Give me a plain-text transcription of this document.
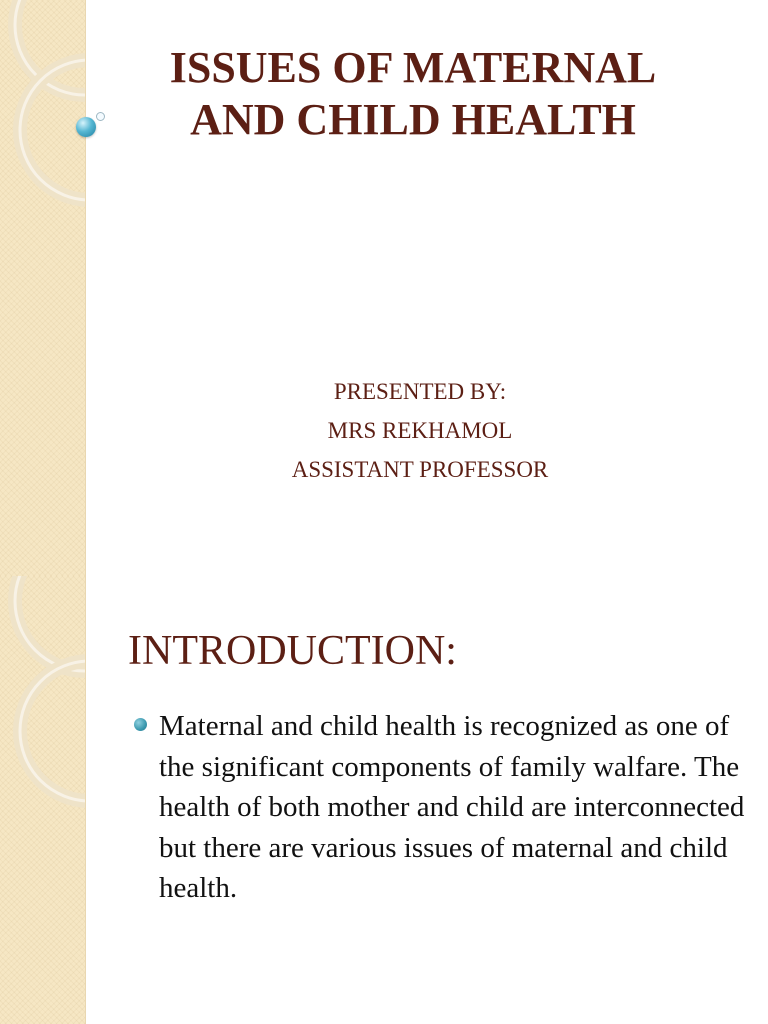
ISSUES OF MATERNAL
AND CHILD HEALTH
PRESENTED BY:
MRS REKHAMOL
ASSISTANT PROFESSOR
INTRODUCTION:
Maternal and child health is recognized as one of the significant components of family walfare. The health of both mother and child are interconnected but there are various issues of maternal and child health.
